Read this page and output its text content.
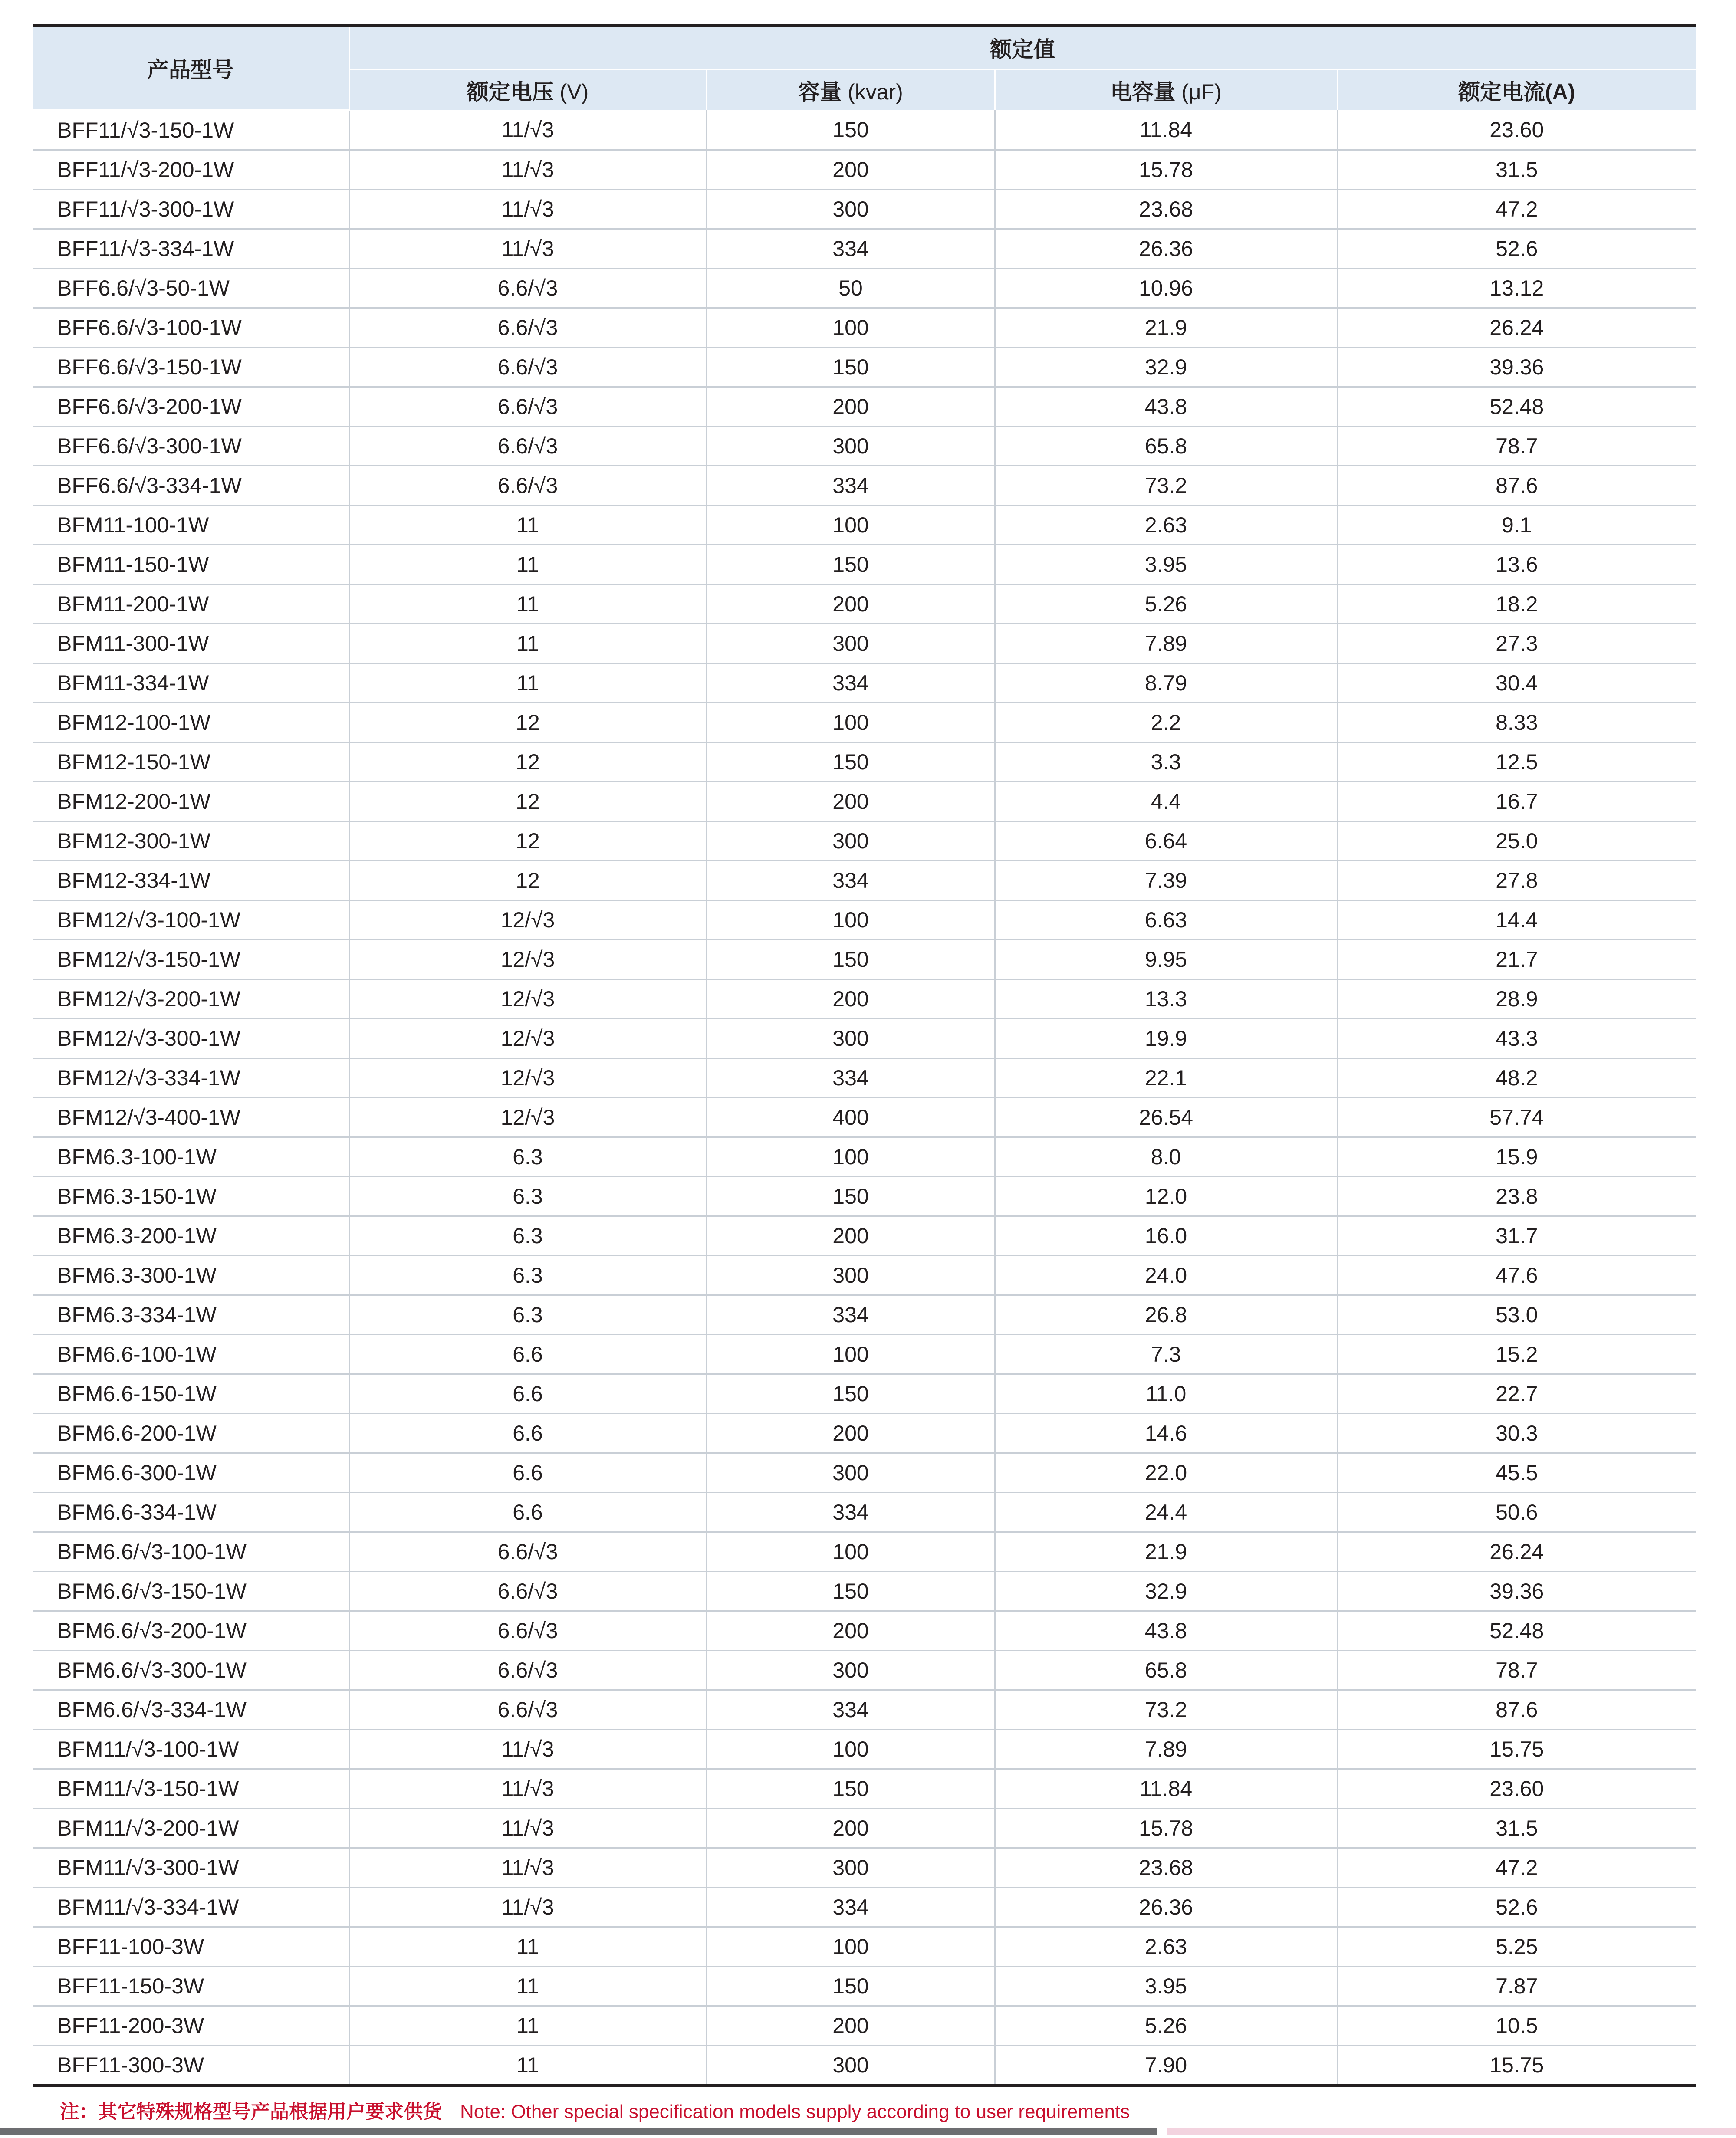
产品型号	额定值			
	额定电压 (V)	容量 (kvar)	电容量 (μF)	额定电流(A)
BFF11/√3-150-1W	11/√3	150	11.84	23.60
BFF11/√3-200-1W	11/√3	200	15.78	31.5
BFF11/√3-300-1W	11/√3	300	23.68	47.2
BFF11/√3-334-1W	11/√3	334	26.36	52.6
BFF6.6/√3-50-1W	6.6/√3	50	10.96	13.12
BFF6.6/√3-100-1W	6.6/√3	100	21.9	26.24
BFF6.6/√3-150-1W	6.6/√3	150	32.9	39.36
BFF6.6/√3-200-1W	6.6/√3	200	43.8	52.48
BFF6.6/√3-300-1W	6.6/√3	300	65.8	78.7
BFF6.6/√3-334-1W	6.6/√3	334	73.2	87.6
BFM11-100-1W	11	100	2.63	9.1
BFM11-150-1W	11	150	3.95	13.6
BFM11-200-1W	11	200	5.26	18.2
BFM11-300-1W	11	300	7.89	27.3
BFM11-334-1W	11	334	8.79	30.4
BFM12-100-1W	12	100	2.2	8.33
BFM12-150-1W	12	150	3.3	12.5
BFM12-200-1W	12	200	4.4	16.7
BFM12-300-1W	12	300	6.64	25.0
BFM12-334-1W	12	334	7.39	27.8
BFM12/√3-100-1W	12/√3	100	6.63	14.4
BFM12/√3-150-1W	12/√3	150	9.95	21.7
BFM12/√3-200-1W	12/√3	200	13.3	28.9
BFM12/√3-300-1W	12/√3	300	19.9	43.3
BFM12/√3-334-1W	12/√3	334	22.1	48.2
BFM12/√3-400-1W	12/√3	400	26.54	57.74
BFM6.3-100-1W	6.3	100	8.0	15.9
BFM6.3-150-1W	6.3	150	12.0	23.8
BFM6.3-200-1W	6.3	200	16.0	31.7
BFM6.3-300-1W	6.3	300	24.0	47.6
BFM6.3-334-1W	6.3	334	26.8	53.0
BFM6.6-100-1W	6.6	100	7.3	15.2
BFM6.6-150-1W	6.6	150	11.0	22.7
BFM6.6-200-1W	6.6	200	14.6	30.3
BFM6.6-300-1W	6.6	300	22.0	45.5
BFM6.6-334-1W	6.6	334	24.4	50.6
BFM6.6/√3-100-1W	6.6/√3	100	21.9	26.24
BFM6.6/√3-150-1W	6.6/√3	150	32.9	39.36
BFM6.6/√3-200-1W	6.6/√3	200	43.8	52.48
BFM6.6/√3-300-1W	6.6/√3	300	65.8	78.7
BFM6.6/√3-334-1W	6.6/√3	334	73.2	87.6
BFM11/√3-100-1W	11/√3	100	7.89	15.75
BFM11/√3-150-1W	11/√3	150	11.84	23.60
BFM11/√3-200-1W	11/√3	200	15.78	31.5
BFM11/√3-300-1W	11/√3	300	23.68	47.2
BFM11/√3-334-1W	11/√3	334	26.36	52.6
BFF11-100-3W	11	100	2.63	5.25
BFF11-150-3W	11	150	3.95	7.87
BFF11-200-3W	11	200	5.26	10.5
BFF11-300-3W	11	300	7.90	15.75
注：其它特殊规格型号产品根据用户要求供货 Note: Other special specification models supply according to user requirements
